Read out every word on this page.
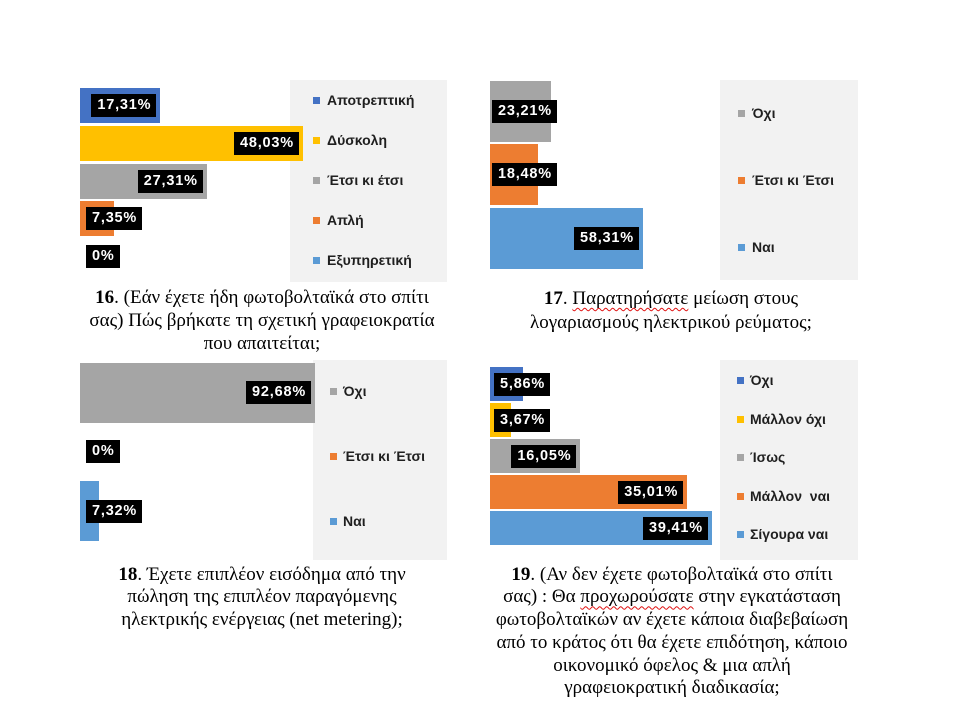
Αποτρεπτική
Δύσκολη
Έτσι κι έτσι
Απλή
Εξυπηρετική
17,31%
48,03%
27,31%
7,35%
0%
Όχι
Έτσι κι Έτσι
Ναι
23,21%
18,48%
58,31%
Όχι
Έτσι κι Έτσι
Ναι
92,68%
0%
7,32%
Όχι
Μάλλον όχι
Ίσως
Μάλλον  ναι
Σίγουρα ναι
5,86%
3,67%
16,05%
35,01%
39,41%
16. (Εάν έχετε ήδη φωτοβολταϊκά στο σπίτι
σας) Πώς βρήκατε τη σχετική γραφειοκρατία
που απαιτείται;
17. Παρατηρήσατε μείωση στους
λογαριασμούς ηλεκτρικού ρεύματος;
18. Έχετε επιπλέον εισόδημα από την
πώληση της επιπλέον παραγόμενης
ηλεκτρικής ενέργειας (net metering);
19. (Αν δεν έχετε φωτοβολταϊκά στο σπίτι
σας) : Θα προχωρούσατε στην εγκατάσταση
φωτοβολταϊκών αν έχετε κάποια διαβεβαίωση
από το κράτος ότι θα έχετε επιδότηση, κάποιο
οικονομικό όφελος & μια απλή
γραφειοκρατική διαδικασία;
